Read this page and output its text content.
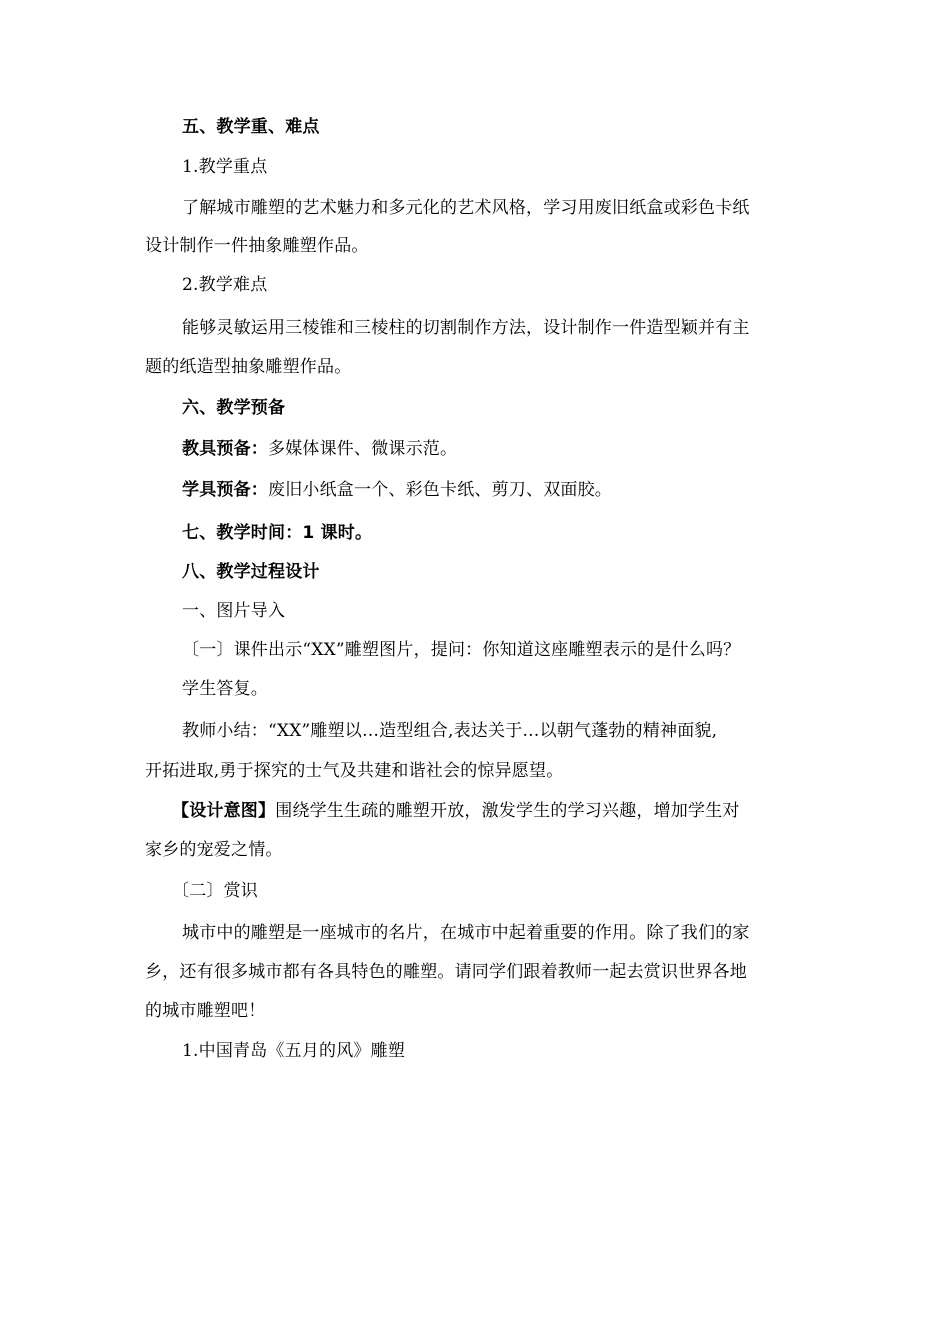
五、教学重、难点
1.教学重点
了解城市雕塑的艺术魅力和多元化的艺术风格，学习用废旧纸盒或彩色卡纸
设计制作一件抽象雕塑作品。
2.教学难点
能够灵敏运用三棱锥和三棱柱的切割制作方法，设计制作一件造型颖并有主
题的纸造型抽象雕塑作品。
六、教学预备
教具预备：多媒体课件、微课示范。
学具预备：废旧小纸盒一个、彩色卡纸、剪刀、双面胶。
七、教学时间：1 课时。
八、教学过程设计
一、图片导入
〔一〕课件出示“XX”雕塑图片，提问：你知道这座雕塑表示的是什么吗？
学生答复。
教师小结：“XX”雕塑以…造型组合,表达关于…以朝气蓬勃的精神面貌,
开拓进取,勇于探究的士气及共建和谐社会的惊异愿望。
【设计意图】围绕学生生疏的雕塑开放，激发学生的学习兴趣，增加学生对
家乡的宠爱之情。
〔二〕赏识
城市中的雕塑是一座城市的名片，在城市中起着重要的作用。除了我们的家
乡，还有很多城市都有各具特色的雕塑。请同学们跟着教师一起去赏识世界各地
的城市雕塑吧！
1.中国青岛《五月的风》雕塑
